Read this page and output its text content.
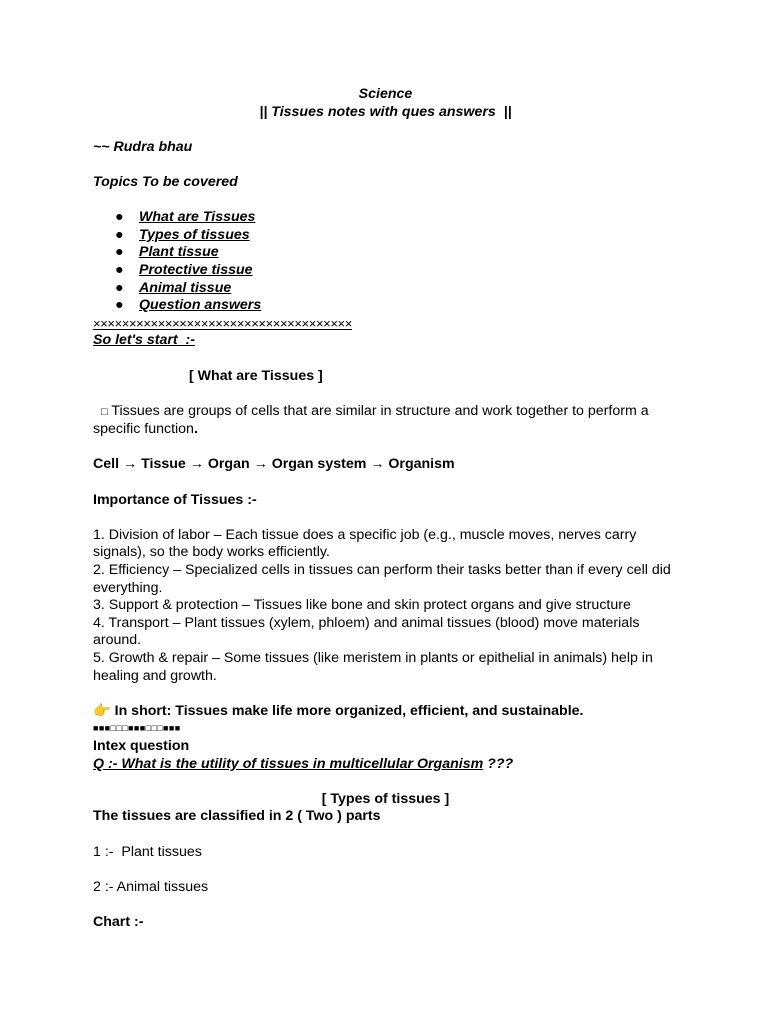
Science
|| Tissues notes with ques answers  ||
~~ Rudra bhau
Topics To be covered
● What are Tissues
● Types of tissues
● Plant tissue
● Protective tissue
● Animal tissue
● Question answers
××××××××××××××××××××××××××××××××××××
So let's start  :-
[ What are Tissues ]
□ Tissues are groups of cells that are similar in structure and work together to perform a specific function.
Cell → Tissue → Organ → Organ system → Organism
Importance of Tissues :-
1. Division of labor – Each tissue does a specific job (e.g., muscle moves, nerves carry signals), so the body works efficiently.
2. Efficiency – Specialized cells in tissues can perform their tasks better than if every cell did everything.
3. Support & protection – Tissues like bone and skin protect organs and give structure
4. Transport – Plant tissues (xylem, phloem) and animal tissues (blood) move materials around.
5. Growth & repair – Some tissues (like meristem in plants or epithelial in animals) help in healing and growth.
👉 In short: Tissues make life more organized, efficient, and sustainable.
■■■□□□■■■□□□■■■
Intex question
Q :- What is the utility of tissues in multicellular Organism ???
[ Types of tissues ]
The tissues are classified in 2 ( Two ) parts
1 :-  Plant tissues
2 :- Animal tissues
Chart :-
